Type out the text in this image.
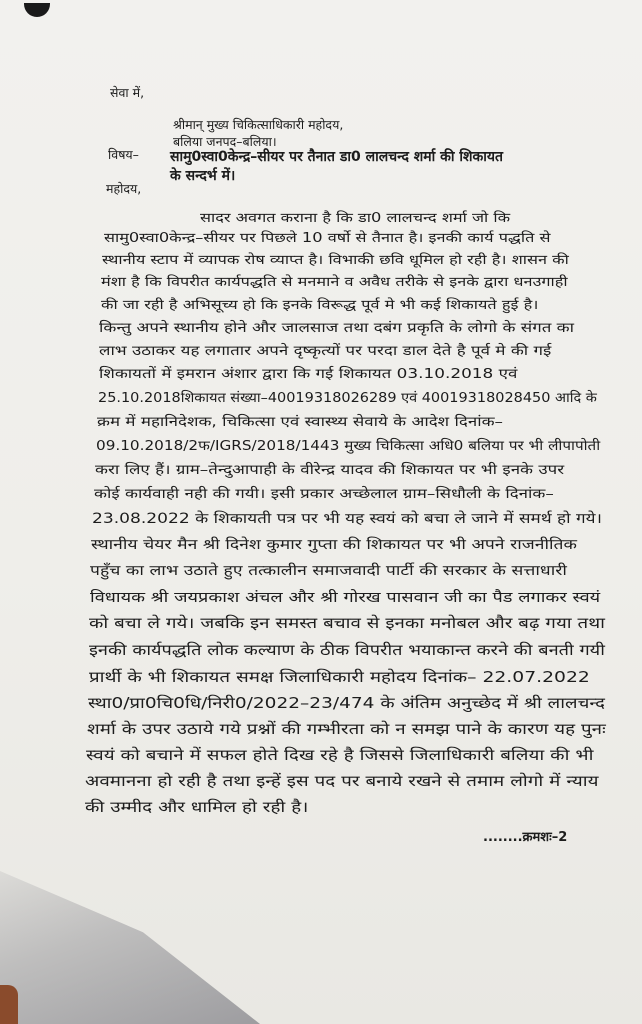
सेवा में,
श्रीमान् मुख्य चिकित्साधिकारी महोदय,
बलिया जनपद–बलिया।
विषय– सामु0स्वा0केन्द्र–सीयर पर तैनात डा0 लालचन्द शर्मा की शिकायत
के सन्दर्भ में।
महोदय,
सादर अवगत कराना है कि डा0 लालचन्द शर्मा जो कि
सामु0स्वा0केन्द्र–सीयर पर पिछले 10 वर्षो से तैनात है। इनकी कार्य पद्धति से
स्थानीय स्टाप में व्यापक रोष व्याप्त है। विभाकी छवि धूमिल हो रही है। शासन की
मंशा है कि विपरीत कार्यपद्धति से मनमाने व अवैध तरीके से इनके द्वारा धनउगाही
की जा रही है अभिसूच्य हो कि इनके विरूद्ध पूर्व मे भी कई शिकायते हुई है।
किन्तु अपने स्थानीय होने और जालसाज तथा दबंग प्रकृति के लोगो के संगत का
लाभ उठाकर यह लगातार अपने दृष्कृत्यों पर परदा डाल देते है पूर्व मे की गई
शिकायतों में इमरान अंशार द्वारा कि गई शिकायत 03.10.2018 एवं
25.10.2018शिकायत संख्या–40019318026289 एवं 40019318028450 आदि के
क्रम में महानिदेशक, चिकित्सा एवं स्वास्थ्य सेवाये के आदेश दिनांक–
09.10.2018/2फ/IGRS/2018/1443 मुख्य चिकित्सा अधि0 बलिया पर भी लीपापोती
करा लिए हैं। ग्राम–तेन्दुआपाही के वीरेन्द्र यादव की शिकायत पर भी इनके उपर
कोई कार्यवाही नही की गयी। इसी प्रकार अच्छेलाल ग्राम–सिधौली के दिनांक–
23.08.2022 के शिकायती पत्र पर भी यह स्वयं को बचा ले जाने में समर्थ हो गये।
स्थानीय चेयर मैन श्री दिनेश कुमार गुप्ता की शिकायत पर भी अपने राजनीतिक
पहुँच का लाभ उठाते हुए तत्कालीन समाजवादी पार्टी की सरकार के सत्ताधारी
विधायक श्री जयप्रकाश अंचल और श्री गोरख पासवान जी का पैड लगाकर स्वयं
को बचा ले गये। जबकि इन समस्त बचाव से इनका मनोबल और बढ़ गया तथा
इनकी कार्यपद्धति लोक कल्याण के ठीक विपरीत भयाकान्त करने की बनती गयी
प्रार्थी के भी शिकायत समक्ष जिलाधिकारी महोदय दिनांक– 22.07.2022
स्था0/प्रा0चि0धि/निरी0/2022–23/474 के अंतिम अनुच्छेद में श्री लालचन्द
शर्मा के उपर उठाये गये प्रश्नों की गम्भीरता को न समझ पाने के कारण यह पुनः
स्वयं को बचाने में सफल होते दिख रहे है जिससे जिलाधिकारी बलिया की भी
अवमानना हो रही है तथा इन्हें इस पद पर बनाये रखने से तमाम लोगो में न्याय
की उम्मीद और धामिल हो रही है।
........क्रमशः–2
